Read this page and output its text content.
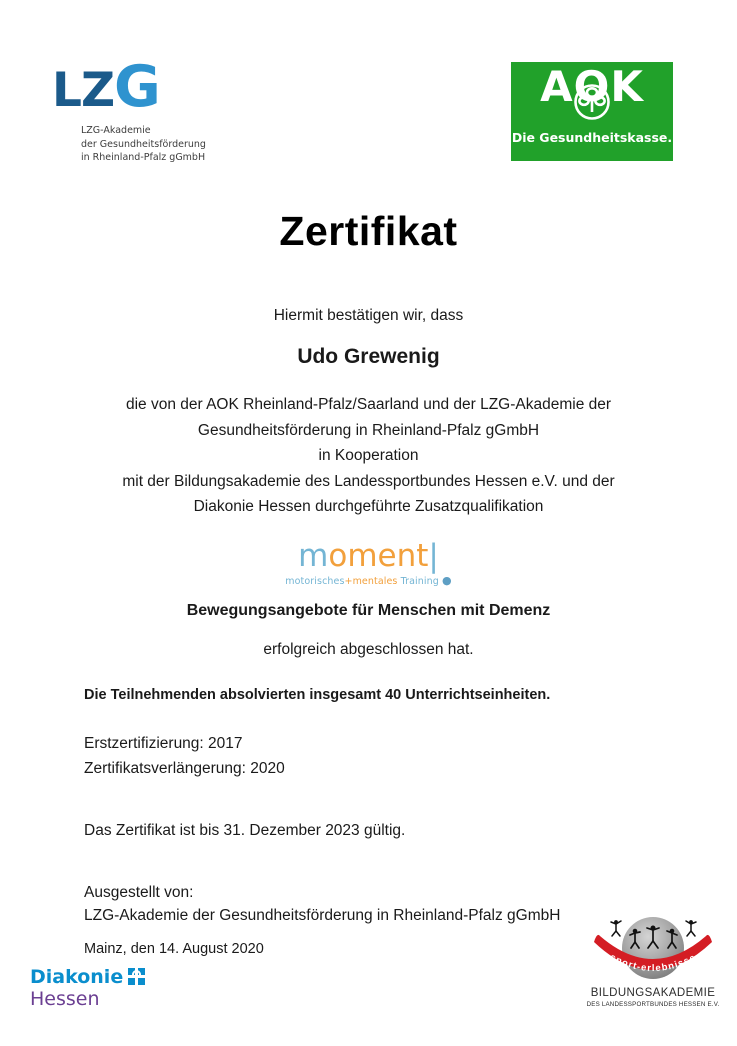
LZG
LZG-Akademie
der Gesundheitsförderung
in Rheinland-Pfalz gGmbH
AOK
Die Gesundheitskasse.
Zertifikat
Hiermit bestätigen wir, dass
Udo Grewenig
die von der AOK Rheinland-Pfalz/Saarland und der LZG-Akademie der
Gesundheitsförderung in Rheinland-Pfalz gGmbH
in Kooperation
mit der Bildungsakademie des Landessportbundes Hessen e.V. und der
Diakonie Hessen durchgeführte Zusatzqualifikation
moment|
motorisches+mentales Training ●
Bewegungsangebote für Menschen mit Demenz
erfolgreich abgeschlossen hat.
Die Teilnehmenden absolvierten insgesamt 40 Unterrichtseinheiten.
Erstzertifizierung: 2017
Zertifikatsverlängerung: 2020
Das Zertifikat ist bis 31. Dezember 2023 gültig.
Ausgestellt von:
LZG-Akademie der Gesundheitsförderung in Rheinland-Pfalz gGmbH
Mainz, den 14. August 2020
Diakonie
Hessen
sport-erlebnisse
BILDUNGSAKADEMIE
DES LANDESSPORTBUNDES HESSEN E.V.
